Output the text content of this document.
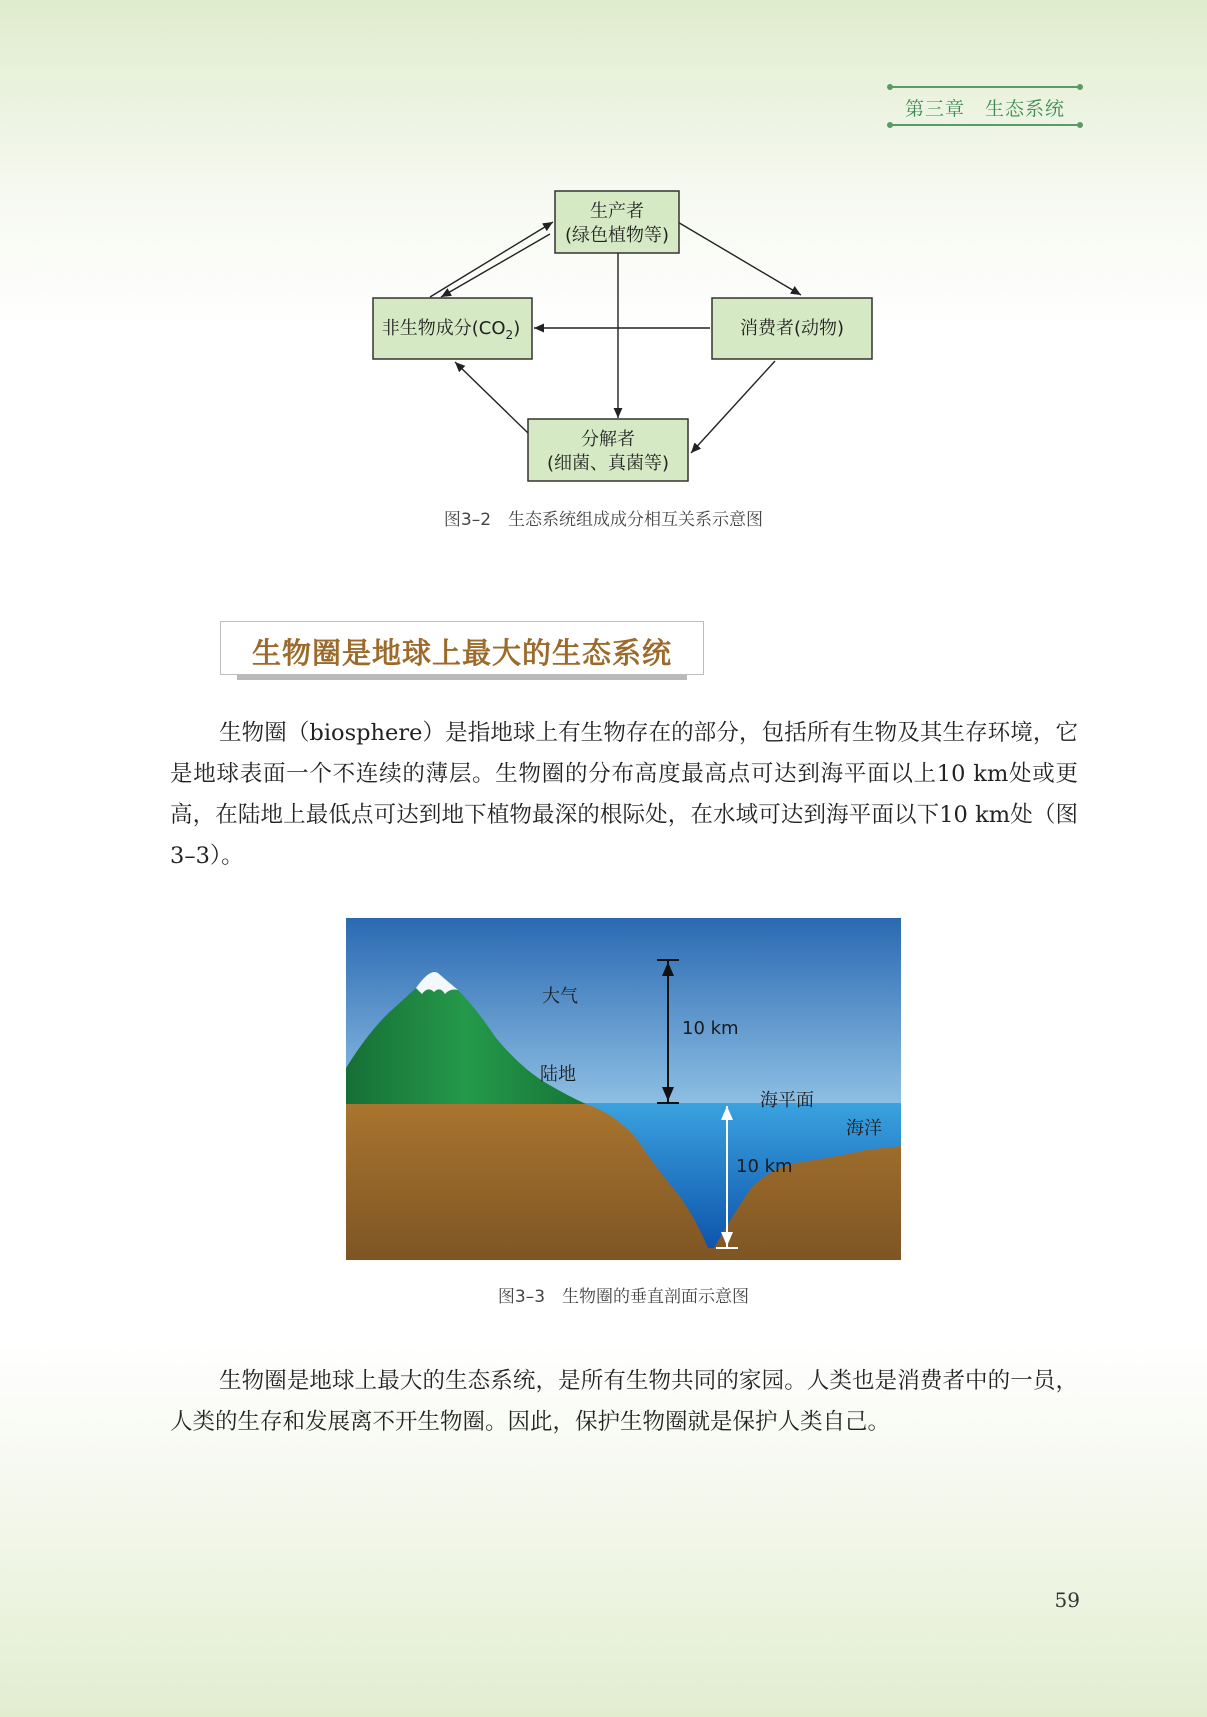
第三章　生态系统
生产者
(绿色植物等)
非生物成分$(CO_2)$	消费者(动物)
分解者
(细菌、真菌等)
图3–2　生态系统组成成分相互关系示意图
生物圈是地球上最大的生态系统

生物圈（biosphere）是指地球上有生物存在的部分，包括所有生物及其生存环境，它是地球表面一个不连续的薄层。生物圈的分布高度最高点可达到海平面以上10 km处或更高，在陆地上最低点可达到地下植物最深的根际处，在水域可达到海平面以下10 km处（图3–3）。

大气
10 km
陆地
海平面
海洋
10 km
图3–3　生物圈的垂直剖面示意图

生物圈是地球上最大的生态系统，是所有生物共同的家园。人类也是消费者中的一员，人类的生存和发展离不开生物圈。因此，保护生物圈就是保护人类自己。

59
